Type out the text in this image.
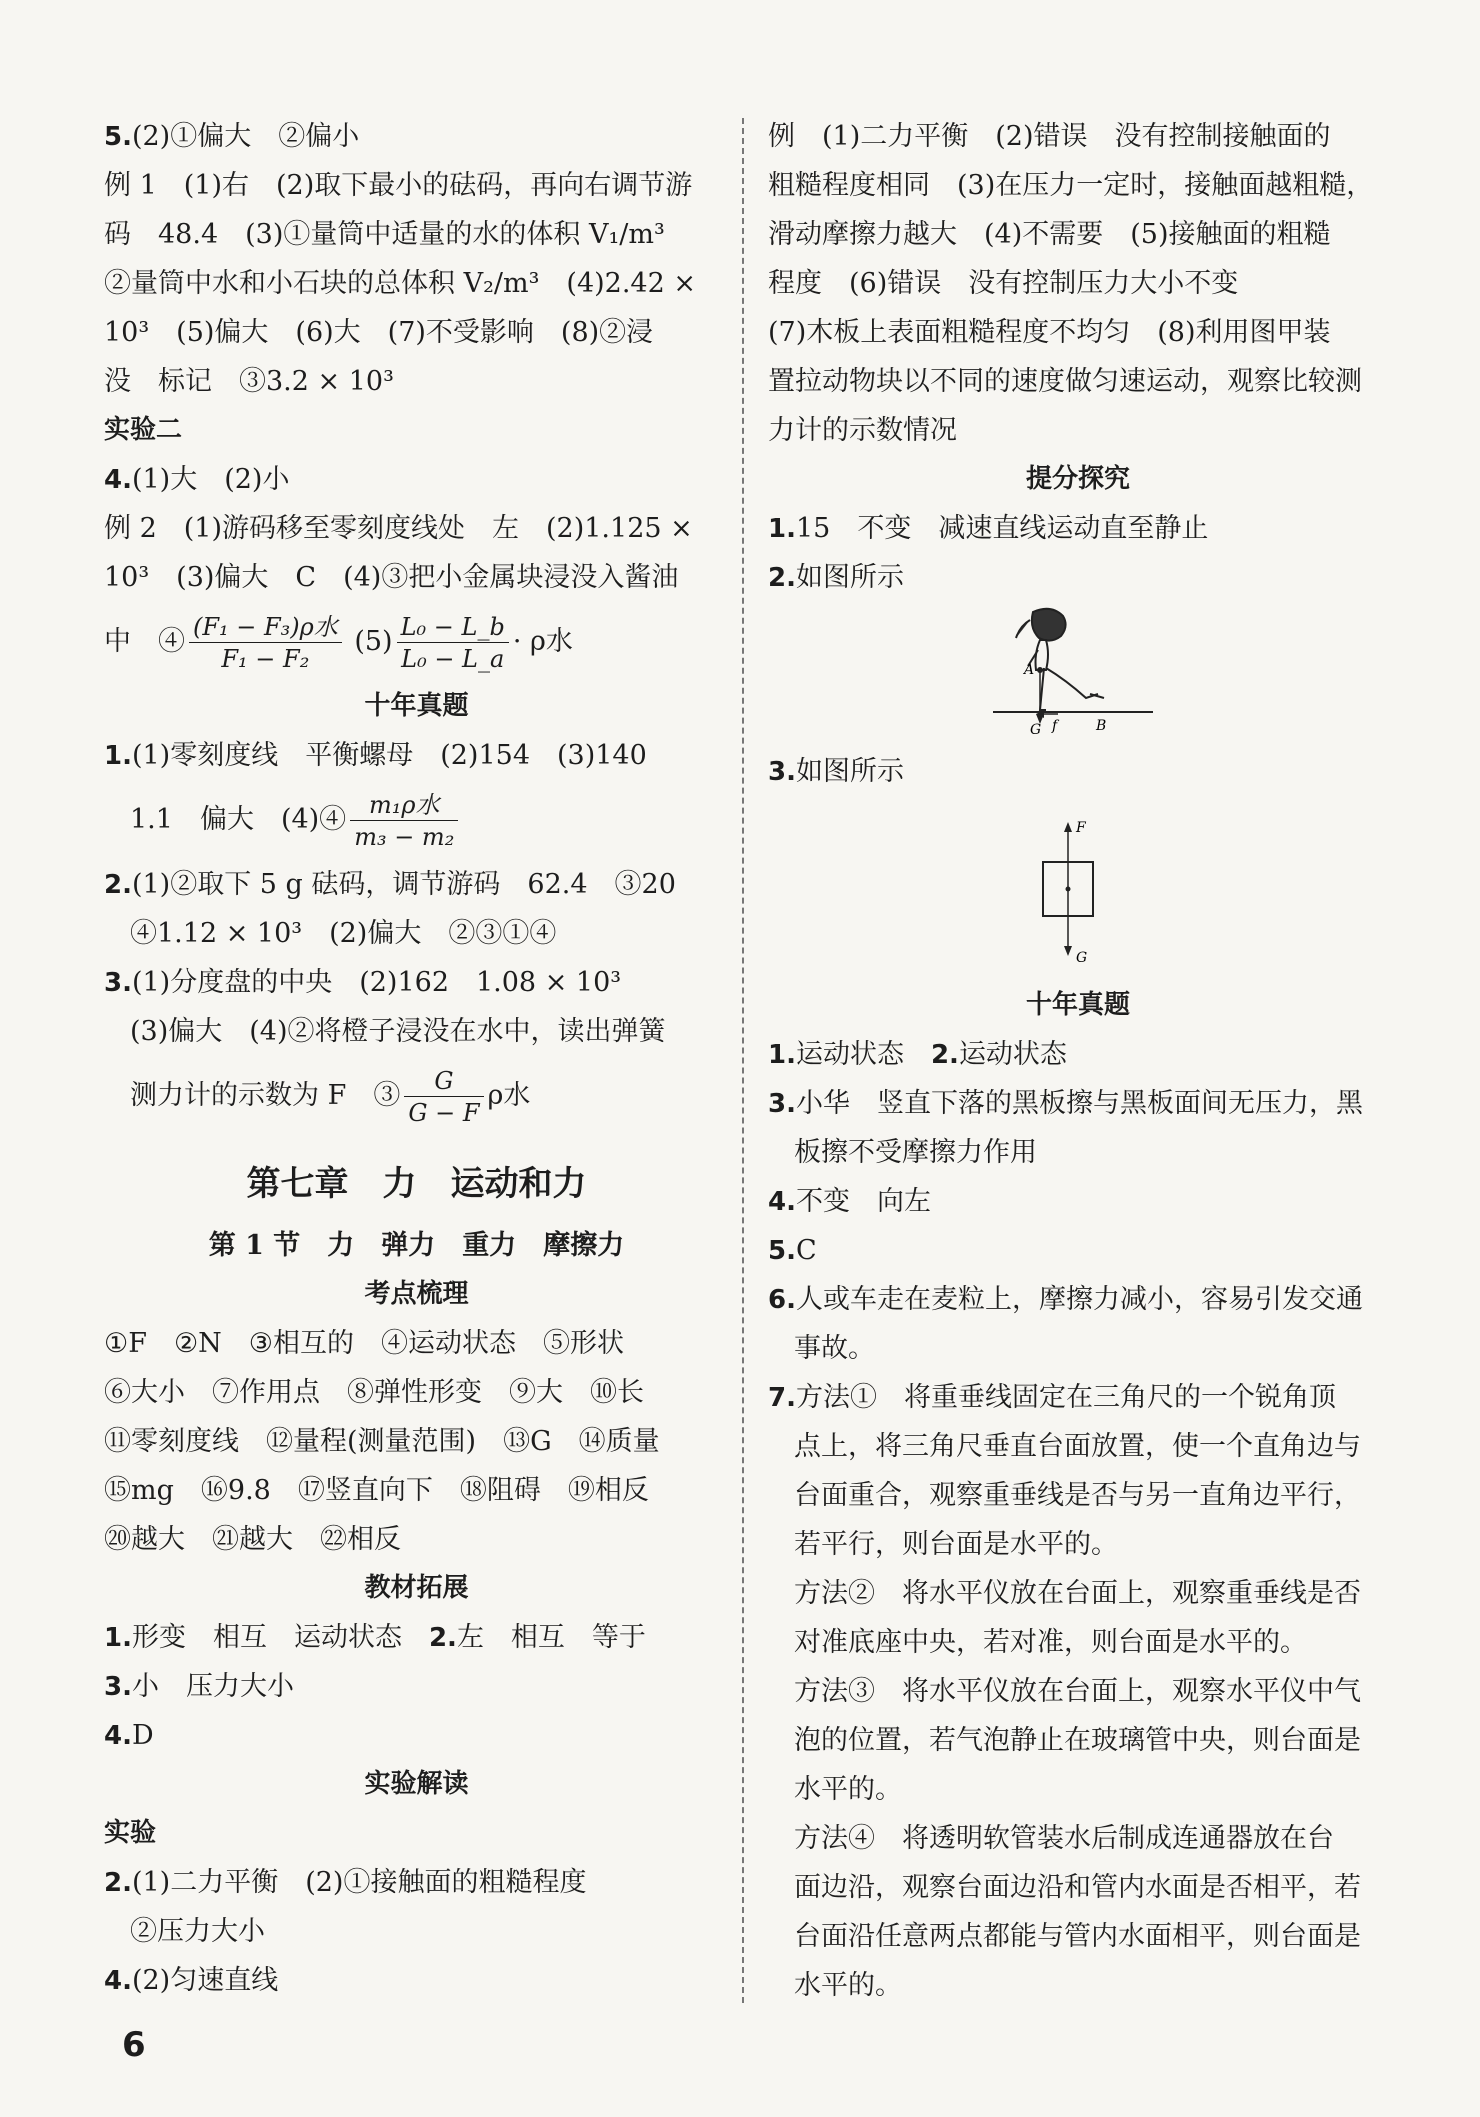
5.(2)①偏大　②偏小
例 1　(1)右　(2)取下最小的砝码，再向右调节游
码　48.4　(3)①量筒中适量的水的体积 V₁/m³
②量筒中水和小石块的总体积 V₂/m³　(4)2.42 ×
10³　(5)偏大　(6)大　(7)不受影响　(8)②浸
没　标记　③3.2 × 10³
实验二
4.(1)大　(2)小
例 2　(1)游码移至零刻度线处　左　(2)1.125 ×
10³　(3)偏大　C　(4)③把小金属块浸没入酱油
中　④ $\frac{\text{(F₁ − F₃)ρ水}}{\text{F₁ − F₂}} (5) \frac{\text{L₀ − L\_b}}{\text{L₀ − L\_a}} \cdot \rho$水
十年真题
1.(1)零刻度线　平衡螺母　(2)154　(3)140
1.1　偏大　(4)④ $\frac{\text{m₁ρ水}}{\text{m₃ − m₂}}$
2.(1)②取下 5 g 砝码，调节游码　62.4　③20
④1.12 × 10³　(2)偏大　②③①④
3.(1)分度盘的中央　(2)162　1.08 × 10³
(3)偏大　(4)②将橙子浸没在水中，读出弹簧
测力计的示数为 F　③ $\frac{G}{G - F}$ ρ水
第七章　力　运动和力
第 1 节　力　弹力　重力　摩擦力
考点梳理
①F　②N　③相互的　④运动状态　⑤形状
⑥大小　⑦作用点　⑧弹性形变　⑨大　⑩长
⑪零刻度线　⑫量程(测量范围)　⑬G　⑭质量
⑮mg　⑯9.8　⑰竖直向下　⑱阻碍　⑲相反
⑳越大　㉑越大　㉒相反
教材拓展
1.形变　相互　运动状态　2.左　相互　等于
3.小　压力大小
4.D
实验解读
实验
2.(1)二力平衡　(2)①接触面的粗糙程度
②压力大小
4.(2)匀速直线
例　(1)二力平衡　(2)错误　没有控制接触面的
粗糙程度相同　(3)在压力一定时，接触面越粗糙，
滑动摩擦力越大　(4)不需要　(5)接触面的粗糙
程度　(6)错误　没有控制压力大小不变
(7)木板上表面粗糙程度不均匀　(8)利用图甲装
置拉动物块以不同的速度做匀速运动，观察比较测
力计的示数情况
提分探究
1.15　不变　减速直线运动直至静止
2.如图所示
A
G f	B
3.如图所示
F
G
十年真题
1.运动状态　2.运动状态
3.小华　竖直下落的黑板擦与黑板面间无压力，黑
板擦不受摩擦力作用
4.不变　向左
5.C
6.人或车走在麦粒上，摩擦力减小，容易引发交通
事故。
7.方法①　将重垂线固定在三角尺的一个锐角顶
点上，将三角尺垂直台面放置，使一个直角边与
台面重合，观察重垂线是否与另一直角边平行，
若平行，则台面是水平的。
方法②　将水平仪放在台面上，观察重垂线是否
对准底座中央，若对准，则台面是水平的。
方法③　将水平仪放在台面上，观察水平仪中气
泡的位置，若气泡静止在玻璃管中央，则台面是
水平的。
方法④　将透明软管装水后制成连通器放在台
面边沿，观察台面边沿和管内水面是否相平，若
台面沿任意两点都能与管内水面相平，则台面是
水平的。
6
